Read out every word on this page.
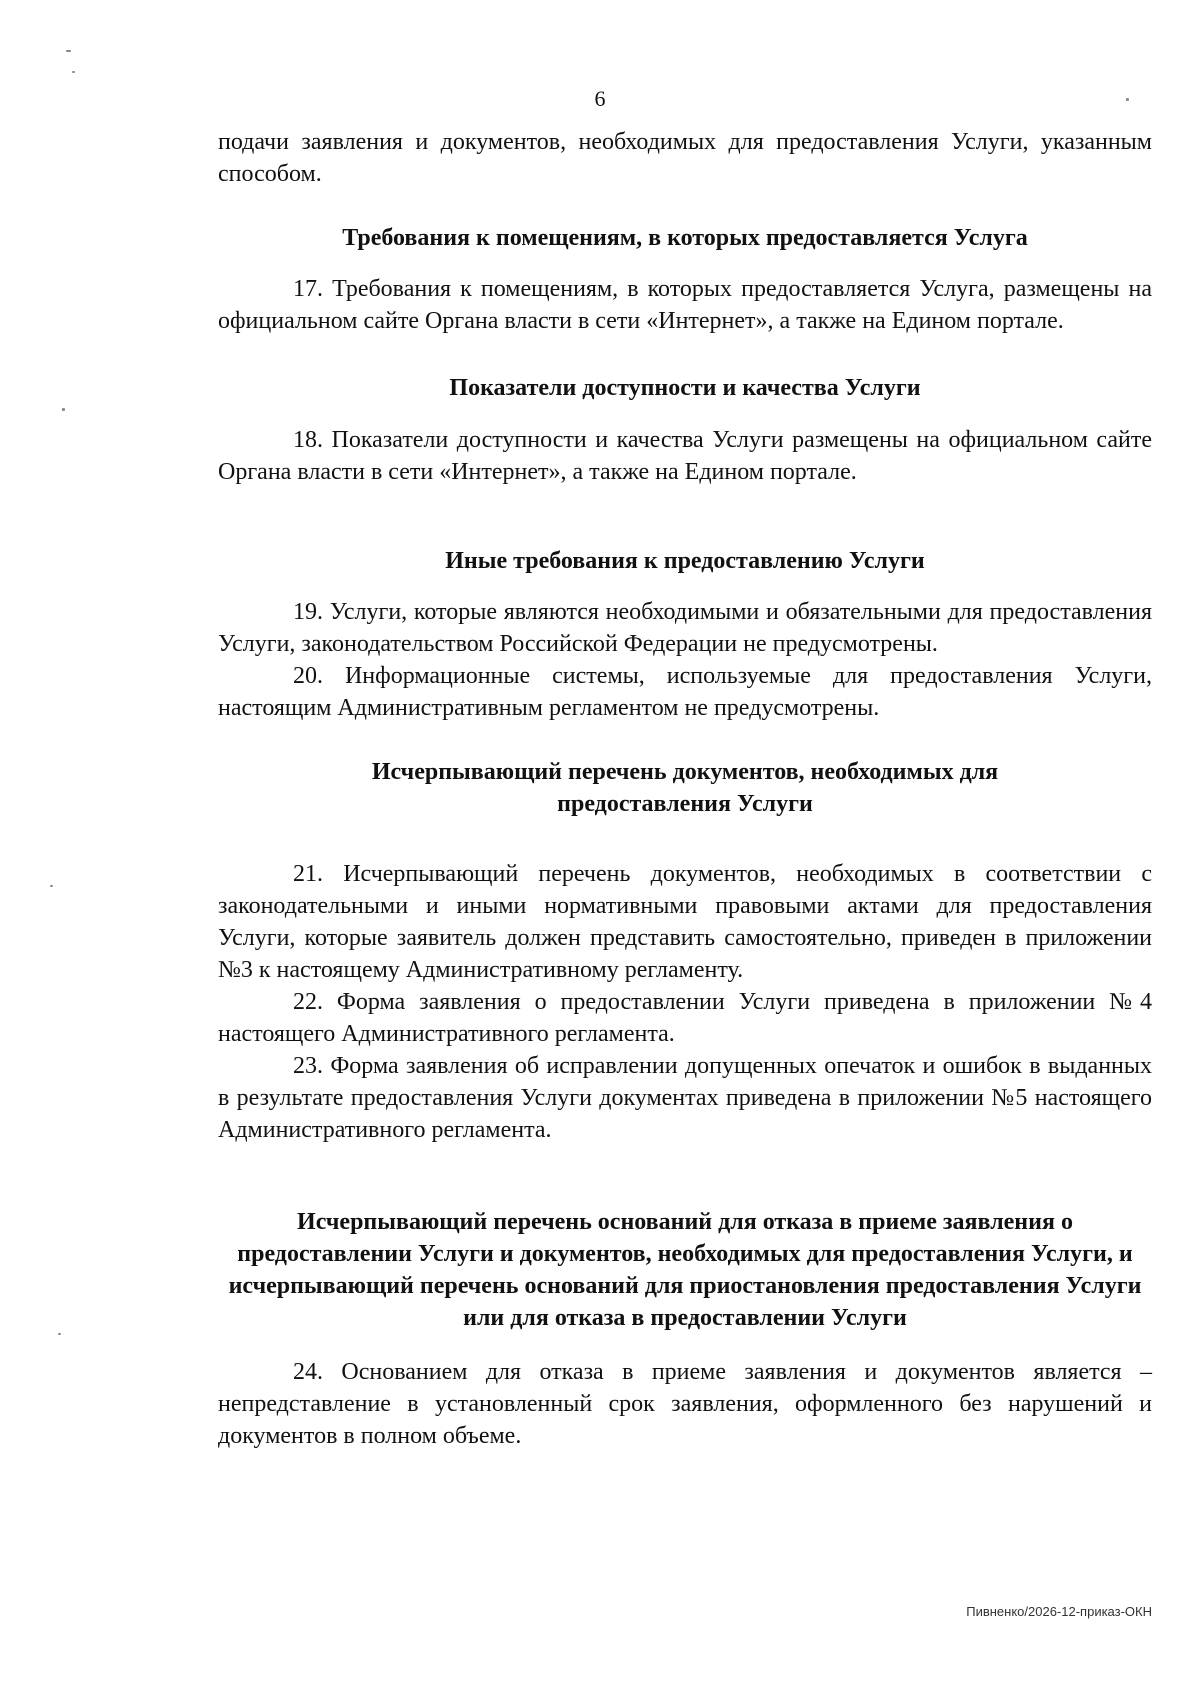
6

подачи заявления и документов, необходимых для предоставления Услуги, указанным способом.

Требования к помещениям, в которых предоставляется Услуга

17. Требования к помещениям, в которых предоставляется Услуга, размещены на официальном сайте Органа власти в сети «Интернет», а также на Едином портале.

Показатели доступности и качества Услуги

18. Показатели доступности и качества Услуги размещены на официальном сайте Органа власти в сети «Интернет», а также на Едином портале.

Иные требования к предоставлению Услуги

19. Услуги, которые являются необходимыми и обязательными для предоставления Услуги, законодательством Российской Федерации не предусмотрены.

20. Информационные системы, используемые для предоставления Услуги, настоящим Административным регламентом не предусмотрены.

Исчерпывающий перечень документов, необходимых для предоставления Услуги

21. Исчерпывающий перечень документов, необходимых в соответствии с законодательными и иными нормативными правовыми актами для предоставления Услуги, которые заявитель должен представить самостоятельно, приведен в приложении №3 к настоящему Административному регламенту.

22. Форма заявления о предоставлении Услуги приведена в приложении №4 настоящего Административного регламента.

23. Форма заявления об исправлении допущенных опечаток и ошибок в выданных в результате предоставления Услуги документах приведена в приложении №5 настоящего Административного регламента.

Исчерпывающий перечень оснований для отказа в приеме заявления о предоставлении Услуги и документов, необходимых для предоставления Услуги, и исчерпывающий перечень оснований для приостановления предоставления Услуги или для отказа в предоставлении Услуги

24. Основанием для отказа в приеме заявления и документов является – непредставление в установленный срок заявления, оформленного без нарушений и документов в полном объеме.

Пивненко/2026-12-приказ-ОКН
